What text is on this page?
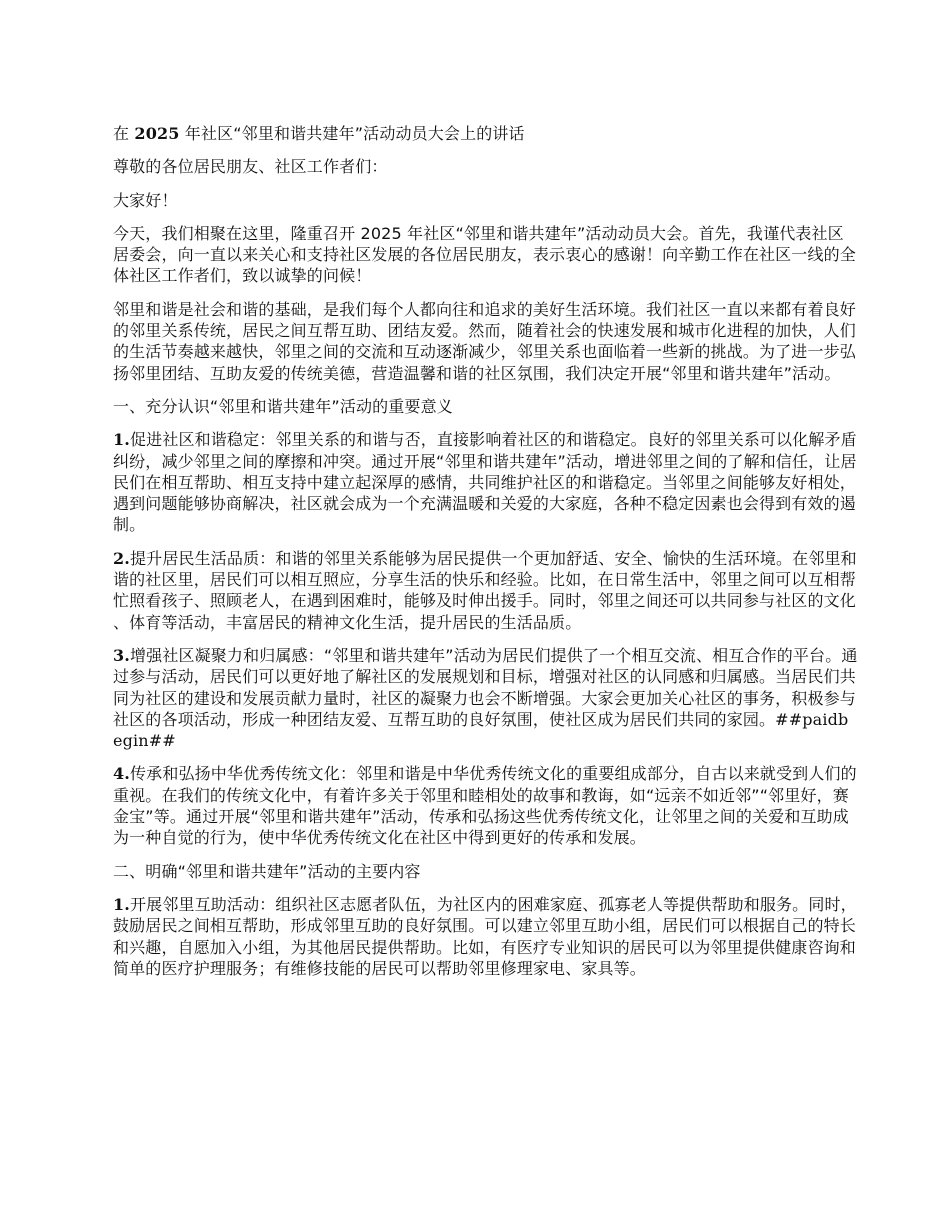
在 2025 年社区“邻里和谐共建年”活动动员大会上的讲话

尊敬的各位居民朋友、社区工作者们：

大家好！

今天，我们相聚在这里，隆重召开 2025 年社区“邻里和谐共建年”活动动员大会。首先，我谨代表社区居委会，向一直以来关心和支持社区发展的各位居民朋友，表示衷心的感谢！向辛勤工作在社区一线的全体社区工作者们，致以诚挚的问候！

邻里和谐是社会和谐的基础，是我们每个人都向往和追求的美好生活环境。我们社区一直以来都有着良好的邻里关系传统，居民之间互帮互助、团结友爱。然而，随着社会的快速发展和城市化进程的加快，人们的生活节奏越来越快，邻里之间的交流和互动逐渐减少，邻里关系也面临着一些新的挑战。为了进一步弘扬邻里团结、互助友爱的传统美德，营造温馨和谐的社区氛围，我们决定开展“邻里和谐共建年”活动。

一、充分认识“邻里和谐共建年”活动的重要意义

1.促进社区和谐稳定：邻里关系的和谐与否，直接影响着社区的和谐稳定。良好的邻里关系可以化解矛盾纠纷，减少邻里之间的摩擦和冲突。通过开展“邻里和谐共建年”活动，增进邻里之间的了解和信任，让居民们在相互帮助、相互支持中建立起深厚的感情，共同维护社区的和谐稳定。当邻里之间能够友好相处，遇到问题能够协商解决，社区就会成为一个充满温暖和关爱的大家庭，各种不稳定因素也会得到有效的遏制。

2.提升居民生活品质：和谐的邻里关系能够为居民提供一个更加舒适、安全、愉快的生活环境。在邻里和谐的社区里，居民们可以相互照应，分享生活的快乐和经验。比如，在日常生活中，邻里之间可以互相帮忙照看孩子、照顾老人，在遇到困难时，能够及时伸出援手。同时，邻里之间还可以共同参与社区的文化、体育等活动，丰富居民的精神文化生活，提升居民的生活品质。

3.增强社区凝聚力和归属感：“邻里和谐共建年”活动为居民们提供了一个相互交流、相互合作的平台。通过参与活动，居民们可以更好地了解社区的发展规划和目标，增强对社区的认同感和归属感。当居民们共同为社区的建设和发展贡献力量时，社区的凝聚力也会不断增强。大家会更加关心社区的事务，积极参与社区的各项活动，形成一种团结友爱、互帮互助的良好氛围，使社区成为居民们共同的家园。##paidbegin##

4.传承和弘扬中华优秀传统文化：邻里和谐是中华优秀传统文化的重要组成部分，自古以来就受到人们的重视。在我们的传统文化中，有着许多关于邻里和睦相处的故事和教诲，如“远亲不如近邻”“邻里好，赛金宝”等。通过开展“邻里和谐共建年”活动，传承和弘扬这些优秀传统文化，让邻里之间的关爱和互助成为一种自觉的行为，使中华优秀传统文化在社区中得到更好的传承和发展。

二、明确“邻里和谐共建年”活动的主要内容

1.开展邻里互助活动：组织社区志愿者队伍，为社区内的困难家庭、孤寡老人等提供帮助和服务。同时，鼓励居民之间相互帮助，形成邻里互助的良好氛围。可以建立邻里互助小组，居民们可以根据自己的特长和兴趣，自愿加入小组，为其他居民提供帮助。比如，有医疗专业知识的居民可以为邻里提供健康咨询和简单的医疗护理服务；有维修技能的居民可以帮助邻里修理家电、家具等。
